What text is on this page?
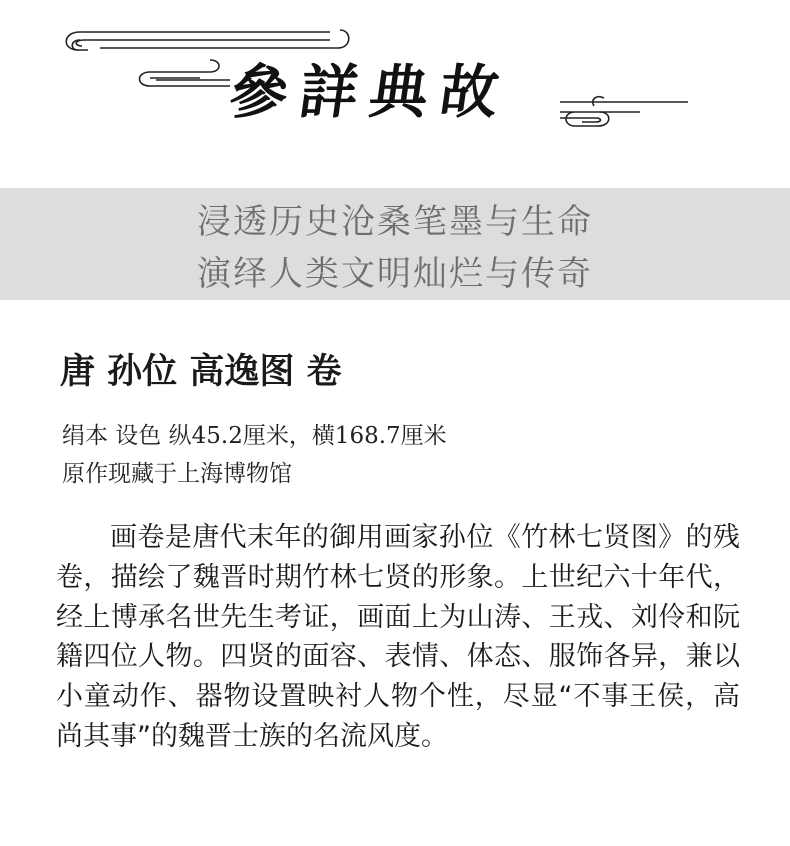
參詳典故
浸透历史沧桑笔墨与生命
演绎人类文明灿烂与传奇
唐 孙位 高逸图 卷
绢本 设色 纵45.2厘米，横168.7厘米
原作现藏于上海博物馆

画卷是唐代末年的御用画家孙位《竹林七贤图》的残卷，描绘了魏晋时期竹林七贤的形象。上世纪六十年代，经上博承名世先生考证，画面上为山涛、王戎、刘伶和阮籍四位人物。四贤的面容、表情、体态、服饰各异，兼以小童动作、器物设置映衬人物个性，尽显“不事王侯，高尚其事”的魏晋士族的名流风度。
